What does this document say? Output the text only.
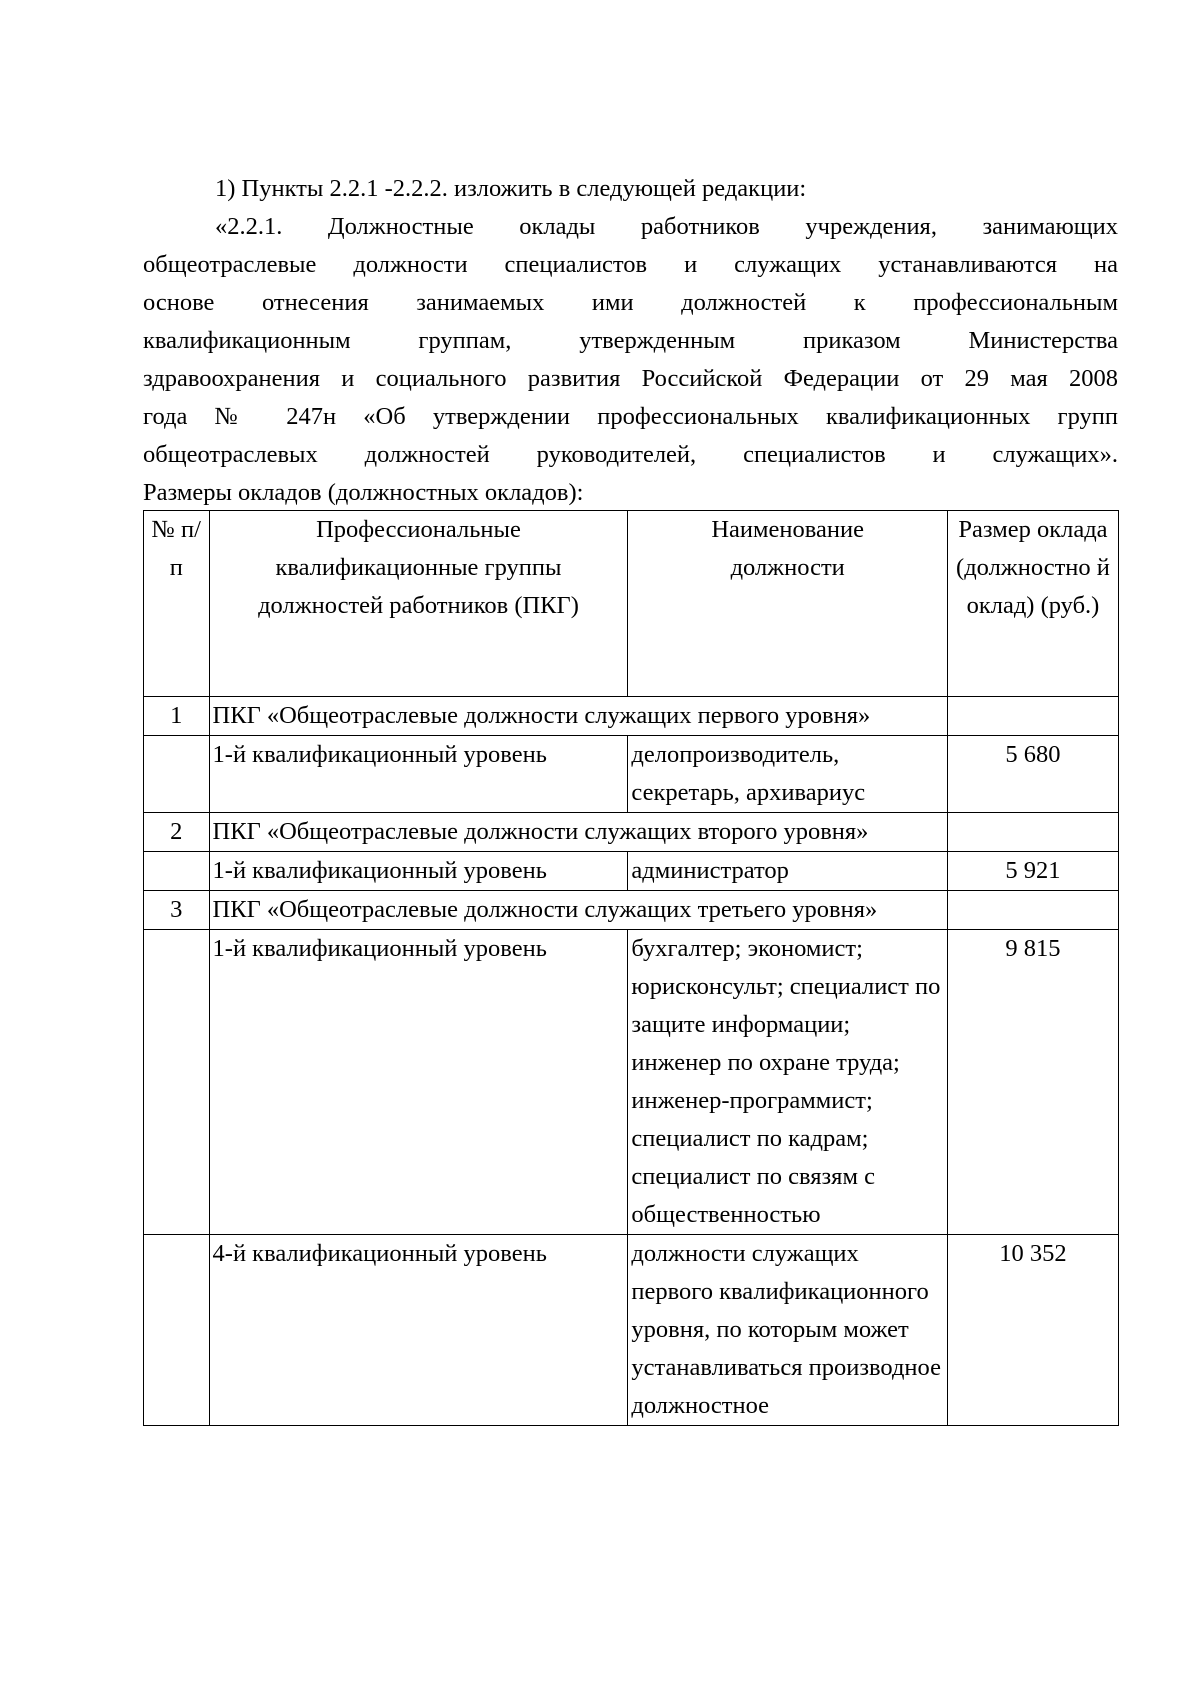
1) Пункты 2.2.1 -2.2.2. изложить в следующей редакции:

«2.2.1. Должностные оклады работников учреждения, занимающих
общеотраслевые должности специалистов и служащих устанавливаются на
основе отнесения занимаемых ими должностей к профессиональным
квалификационным группам, утвержденным приказом Министерства
здравоохранения и социального развития Российской Федерации от 29 мая 2008
года № 247н «Об утверждении профессиональных квалификационных групп
общеотраслевых должностей руководителей, специалистов и служащих».
Размеры окладов (должностных окладов):
№ п/п	Профессиональные квалификационные группы должностей работников (ПКГ)	Наименование должности	Размер оклада (должностно й оклад) (руб.)
1	ПКГ «Общеотраслевые должности служащих первого уровня»		
	1-й квалификационный уровень	делопроизводитель, секретарь, архивариус	5 680
2	ПКГ «Общеотраслевые должности служащих второго уровня»		
	1-й квалификационный уровень	администратор	5 921
3	ПКГ «Общеотраслевые должности служащих третьего уровня»		
	1-й квалификационный уровень	бухгалтер; экономист; юрисконсульт; специалист по защите информации; инженер по охране труда; инженер-программист; специалист по кадрам; специалист по связям с общественностью	9 815
	4-й квалификационный уровень	должности служащих первого квалификационного уровня, по которым может устанавливаться производное должностное	10 352
